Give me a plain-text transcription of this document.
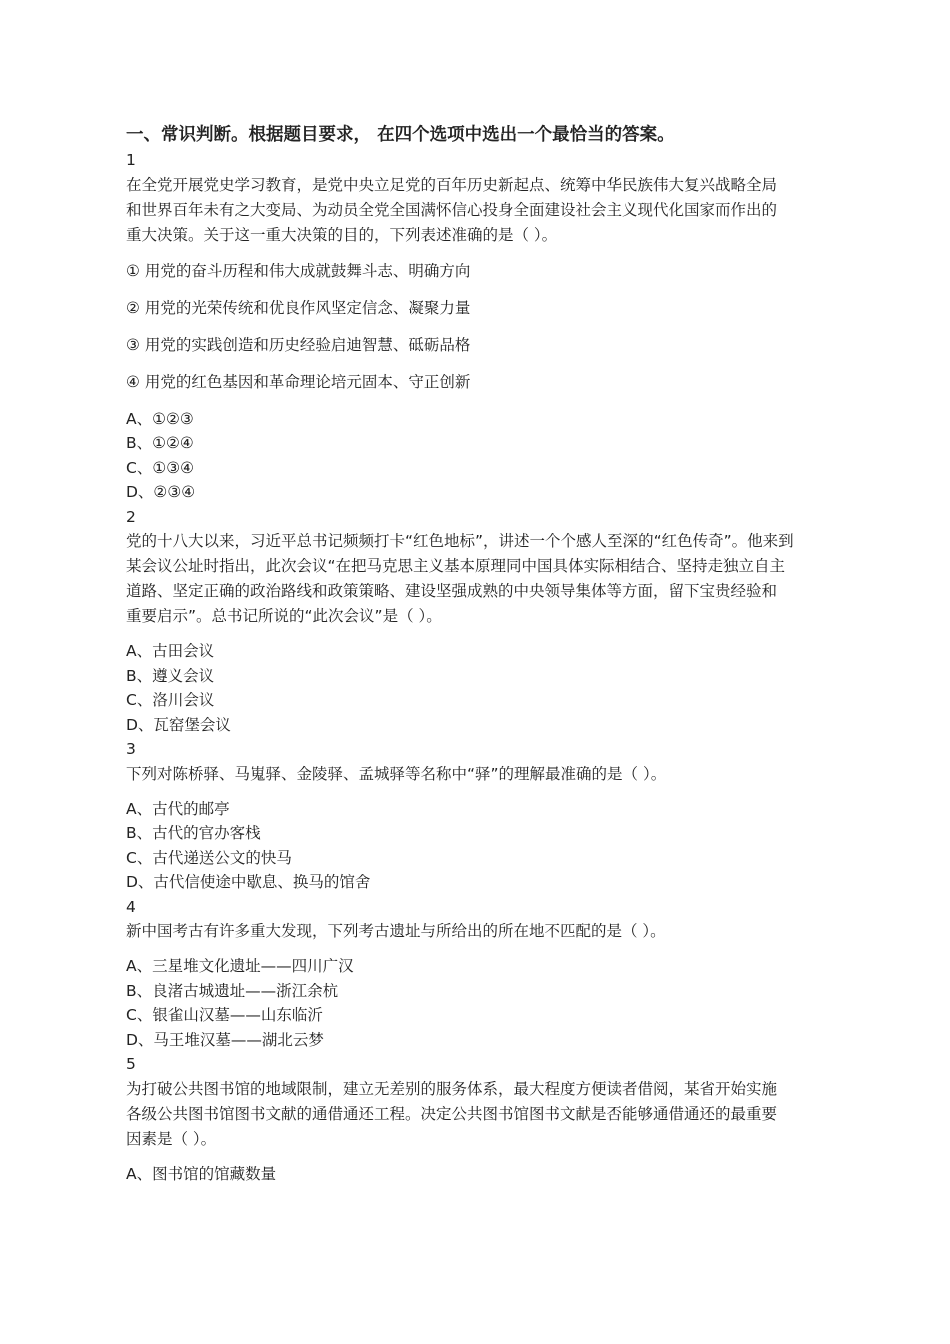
一、常识判断。根据题目要求， 在四个选项中选出一个最恰当的答案。
1
在全党开展党史学习教育，是党中央立足党的百年历史新起点、统筹中华民族伟大复兴战略全局
和世界百年未有之大变局、为动员全党全国满怀信心投身全面建设社会主义现代化国家而作出的
重大决策。关于这一重大决策的目的，下列表述准确的是（ ）。
① 用党的奋斗历程和伟大成就鼓舞斗志、明确方向
② 用党的光荣传统和优良作风坚定信念、凝聚力量
③ 用党的实践创造和历史经验启迪智慧、砥砺品格
④ 用党的红色基因和革命理论培元固本、守正创新
A、①②③
B、①②④
C、①③④
D、②③④
2
党的十八大以来，习近平总书记频频打卡“红色地标”，讲述一个个感人至深的“红色传奇”。他来到
某会议公址时指出，此次会议“在把马克思主义基本原理同中国具体实际相结合、坚持走独立自主
道路、坚定正确的政治路线和政策策略、建设坚强成熟的中央领导集体等方面，留下宝贵经验和
重要启示”。总书记所说的“此次会议”是（ ）。
A、古田会议
B、遵义会议
C、洛川会议
D、瓦窑堡会议
3
下列对陈桥驿、马嵬驿、金陵驿、孟城驿等名称中“驿”的理解最准确的是（ ）。
A、古代的邮亭
B、古代的官办客栈
C、古代递送公文的快马
D、古代信使途中歇息、换马的馆舍
4
新中国考古有许多重大发现，下列考古遗址与所给出的所在地不匹配的是（ ）。
A、三星堆文化遗址——四川广汉
B、良渚古城遗址——浙江余杭
C、银雀山汉墓——山东临沂
D、马王堆汉墓——湖北云梦
5
为打破公共图书馆的地域限制，建立无差别的服务体系，最大程度方便读者借阅，某省开始实施
各级公共图书馆图书文献的通借通还工程。决定公共图书馆图书文献是否能够通借通还的最重要
因素是（ ）。
A、图书馆的馆藏数量
